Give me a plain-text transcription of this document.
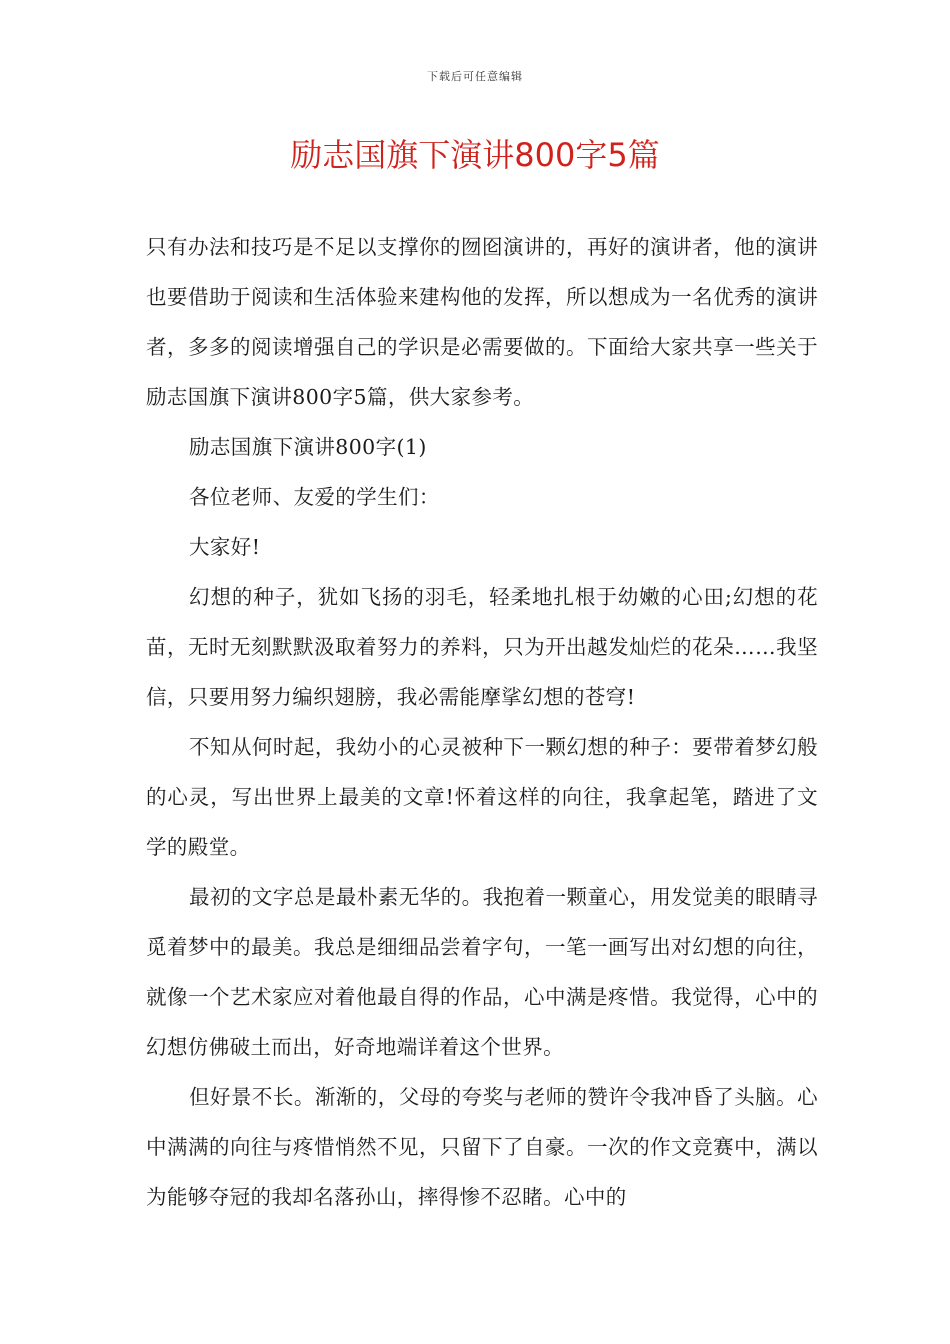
下载后可任意编辑
励志国旗下演讲800字5篇

只有办法和技巧是不足以支撑你的囫囵演讲的，再好的演讲者，他的演讲也要借助于阅读和生活体验来建构他的发挥，所以想成为一名优秀的演讲者，多多的阅读增强自己的学识是必需要做的。下面给大家共享一些关于励志国旗下演讲800字5篇，供大家参考。

励志国旗下演讲800字(1)

各位老师、友爱的学生们：

大家好!

幻想的种子，犹如飞扬的羽毛，轻柔地扎根于幼嫩的心田;幻想的花苗，无时无刻默默汲取着努力的养料，只为开出越发灿烂的花朵……我坚信，只要用努力编织翅膀，我必需能摩挲幻想的苍穹!

不知从何时起，我幼小的心灵被种下一颗幻想的种子：要带着梦幻般的心灵，写出世界上最美的文章!怀着这样的向往，我拿起笔，踏进了文学的殿堂。

最初的文字总是最朴素无华的。我抱着一颗童心，用发觉美的眼睛寻觅着梦中的最美。我总是细细品尝着字句，一笔一画写出对幻想的向往，就像一个艺术家应对着他最自得的作品，心中满是疼惜。我觉得，心中的幻想仿佛破土而出，好奇地端详着这个世界。

但好景不长。渐渐的，父母的夸奖与老师的赞许令我冲昏了头脑。心中满满的向往与疼惜悄然不见，只留下了自豪。一次的作文竞赛中，满以为能够夺冠的我却名落孙山，摔得惨不忍睹。心中的
